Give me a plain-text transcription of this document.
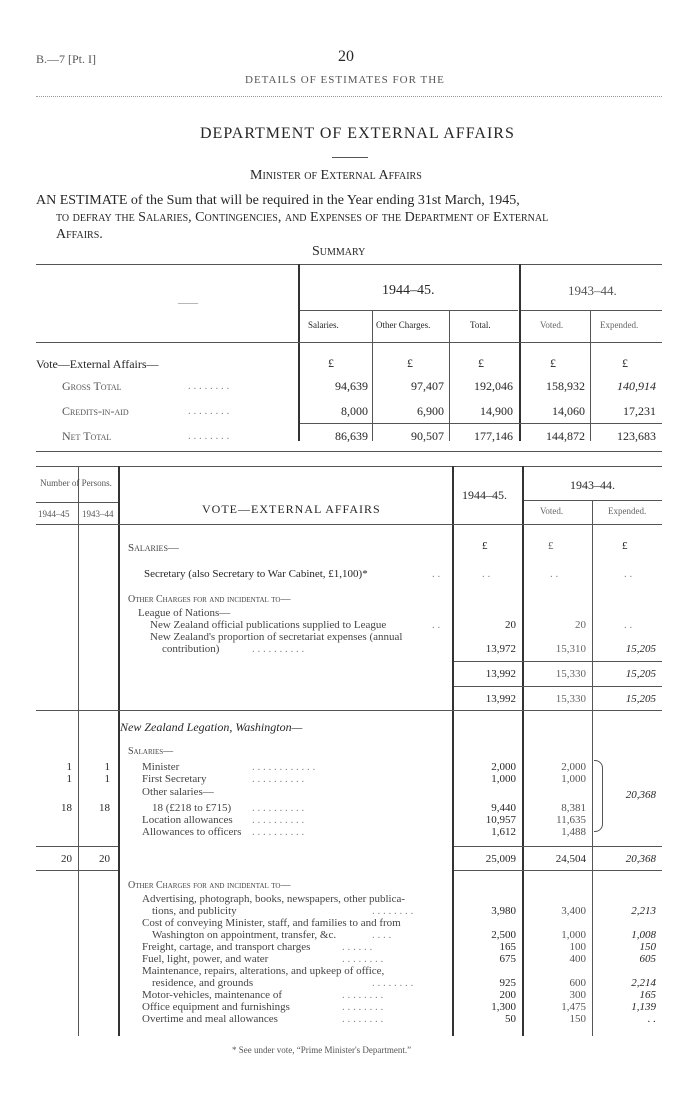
B.—7 [Pt. I]	20
DETAILS OF ESTIMATES FOR THE
DEPARTMENT OF EXTERNAL AFFAIRS
Minister of External Affairs
AN ESTIMATE of the Sum that will be required in the Year ending 31st March, 1945,
to defray the Salaries, Contingencies, and Expenses of the Department of External
Affairs.
Summary
——
1944–45.	1943–44.
Salaries.	Other Charges.	Total.	Voted.	Expended.
Vote—External Affairs—	£	£	£	£	£
Gross Total	. . . . . . . .	94,639	97,407	192,046	158,932	140,914
Credits-in-aid	. . . . . . . .	8,000	6,900	14,900	14,060	17,231
Net Total	. . . . . . . .	86,639	90,507	177,146	144,872	123,683
Number of Persons.
1944–45 1943–44	VOTE—EXTERNAL AFFAIRS
1944–45.
1943–44.
Voted.	Expended.
£	£	£
Salaries—
Secretary (also Secretary to War Cabinet, £1,100)*	. .	. .	. .	. .
Other Charges for and incidental to—
League of Nations—
New Zealand official publications supplied to League	. .	20	20	. .
New Zealand's proportion of secretariat expenses (annual
contribution)	. . . . . . . . . .	13,972	15,310	15,205
13,992	15,330	15,205
13,992	15,330	15,205
New Zealand Legation, Washington—
Salaries—
1	1	Minister	. . . . . . . . . . . .	2,000	2,000
1	1	First Secretary	. . . . . . . . . .	1,000	1,000
Other salaries—
18	18	18 (£218 to £715) . . . . . . . . . .	9,440	8,381
Location allowances . . . . . . . . . .	10,957	11,635
Allowances to officers . . . . . . . . . .	1,612	1,488
20,368
20	20	25,009	24,504	20,368
Other Charges for and incidental to—
Advertising, photograph, books, newspapers, other publica-
tions, and publicity	. . . . . . . .	3,980	3,400	2,213
Cost of conveying Minister, staff, and families to and from
Washington on appointment, transfer, &c.	. . . .	2,500	1,000	1,008
Freight, cartage, and transport charges	. . . . . .	165	100	150
Fuel, light, power, and water	. . . . . . . .	675	400	605
Maintenance, repairs, alterations, and upkeep of office,
residence, and grounds	. . . . . . . .	925	600	2,214
Motor-vehicles, maintenance of	. . . . . . . .	200	300	165
Office equipment and furnishings	. . . . . . . .	1,300	1,475	1,139
Overtime and meal allowances	. . . . . . . .	50	150	. .
* See under vote, “Prime Minister's Department.”
